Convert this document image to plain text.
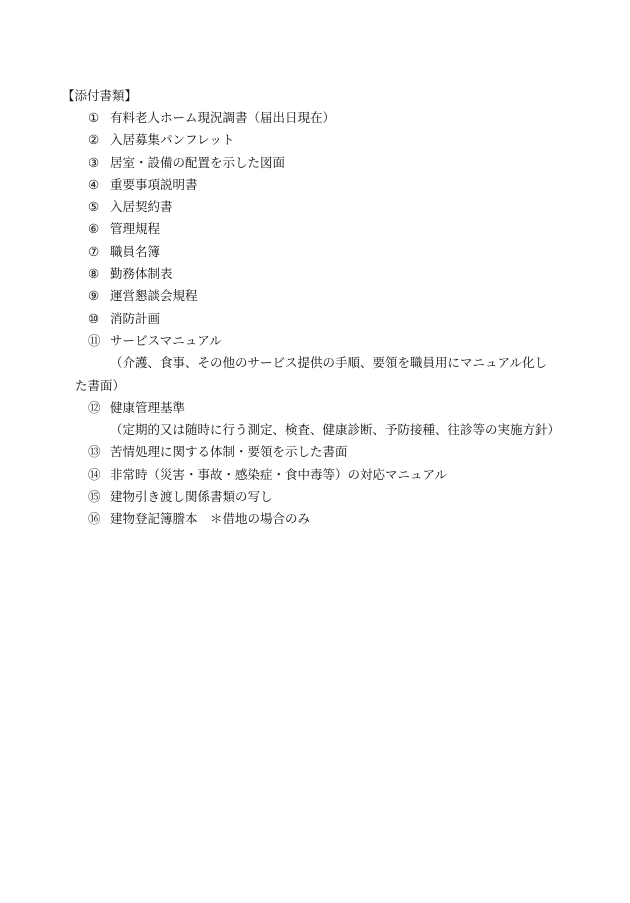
【添付書類】
① 有料老人ホーム現況調書（届出日現在）
② 入居募集パンフレット
③ 居室・設備の配置を示した図面
④ 重要事項説明書
⑤ 入居契約書
⑥ 管理規程
⑦ 職員名簿
⑧ 勤務体制表
⑨ 運営懇談会規程
⑩ 消防計画
⑪ サービスマニュアル
（介護、食事、その他のサービス提供の手順、要領を職員用にマニュアル化し
た書面）
⑫ 健康管理基準
（定期的又は随時に行う測定、検査、健康診断、予防接種、往診等の実施方針）
⑬ 苦情処理に関する体制・要領を示した書面
⑭ 非常時（災害・事故・感染症・食中毒等）の対応マニュアル
⑮ 建物引き渡し関係書類の写し
⑯ 建物登記簿謄本　＊借地の場合のみ
